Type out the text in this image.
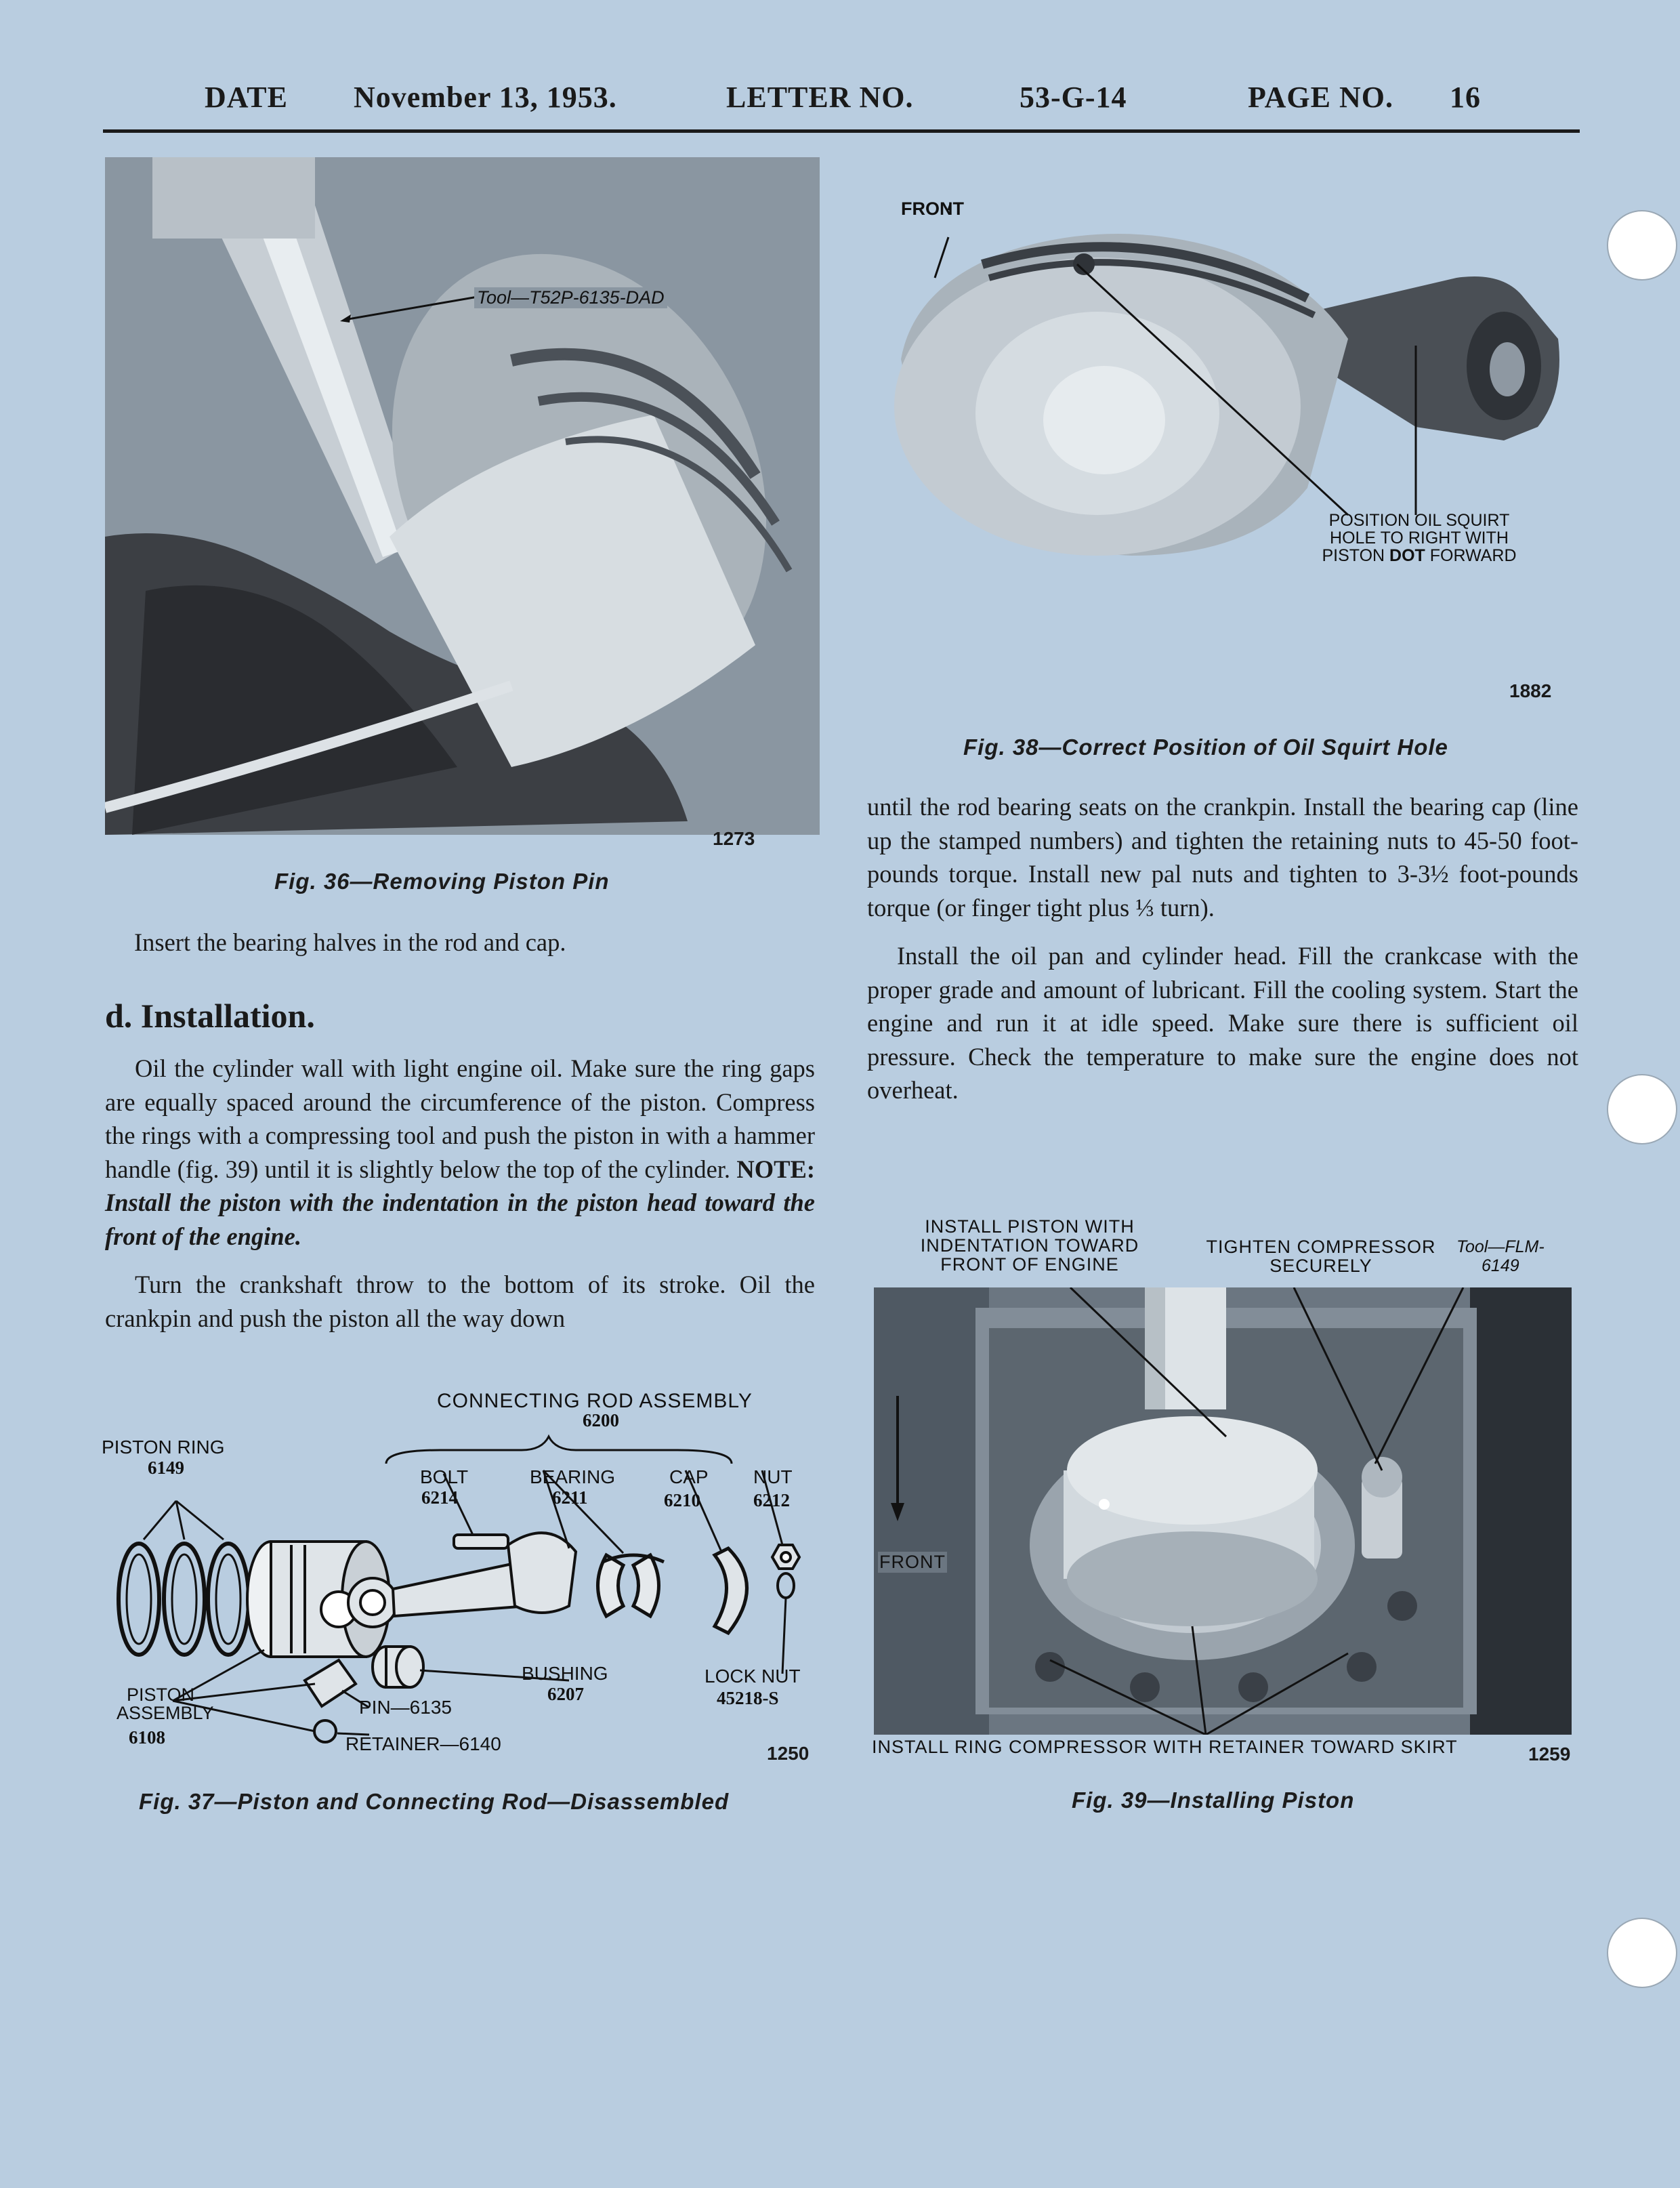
DATE November 13, 1953.	LETTER NO.	53-G-14	PAGE NO. 16
Tool—T52P-6135-DAD
1273
Fig. 36—Removing Piston Pin
Insert the bearing halves in the rod and cap.
d. Installation.

Oil the cylinder wall with light engine oil. Make sure the ring gaps are equally spaced around the circumference of the piston. Compress the rings with a compressing tool and push the piston in with a hammer handle (fig. 39) until it is slightly below the top of the cylinder. NOTE: Install the piston with the indentation in the piston head toward the front of the engine.

Turn the crankshaft throw to the bottom of its stroke. Oil the crankpin and push the piston all the way down

CONNECTING ROD ASSEMBLY
6200
PISTON RING
6149	BOLT
6214
BEARING
6211
CAP
6210
NUT
6212
PISTON ASSEMBLY
6108
PIN—6135
BUSHING
6207
LOCK NUT
45218-S
RETAINER—6140	1250
Fig. 37—Piston and Connecting Rod—Disassembled
FRONT
POSITION OIL SQUIRT
HOLE TO RIGHT WITH
PISTON DOT FORWARD
1882
Fig. 38—Correct Position of Oil Squirt Hole

until the rod bearing seats on the crankpin. Install the bearing cap (line up the stamped numbers) and tighten the retaining nuts to 45-50 foot-pounds torque. Install new pal nuts and tighten to 3-3½ foot-pounds torque (or finger tight plus ⅓ turn).

Install the oil pan and cylinder head. Fill the crankcase with the proper grade and amount of lubricant. Fill the cooling system. Start the engine and run it at idle speed. Make sure there is sufficient oil pressure. Check the temperature to make sure the engine does not overheat.

INSTALL PISTON WITH
INDENTATION TOWARD
FRONT OF ENGINE
TIGHTEN COMPRESSOR
SECURELY
Tool—FLM-
6149
FRONT
INSTALL RING COMPRESSOR WITH RETAINER TOWARD SKIRT	1259
Fig. 39—Installing Piston
